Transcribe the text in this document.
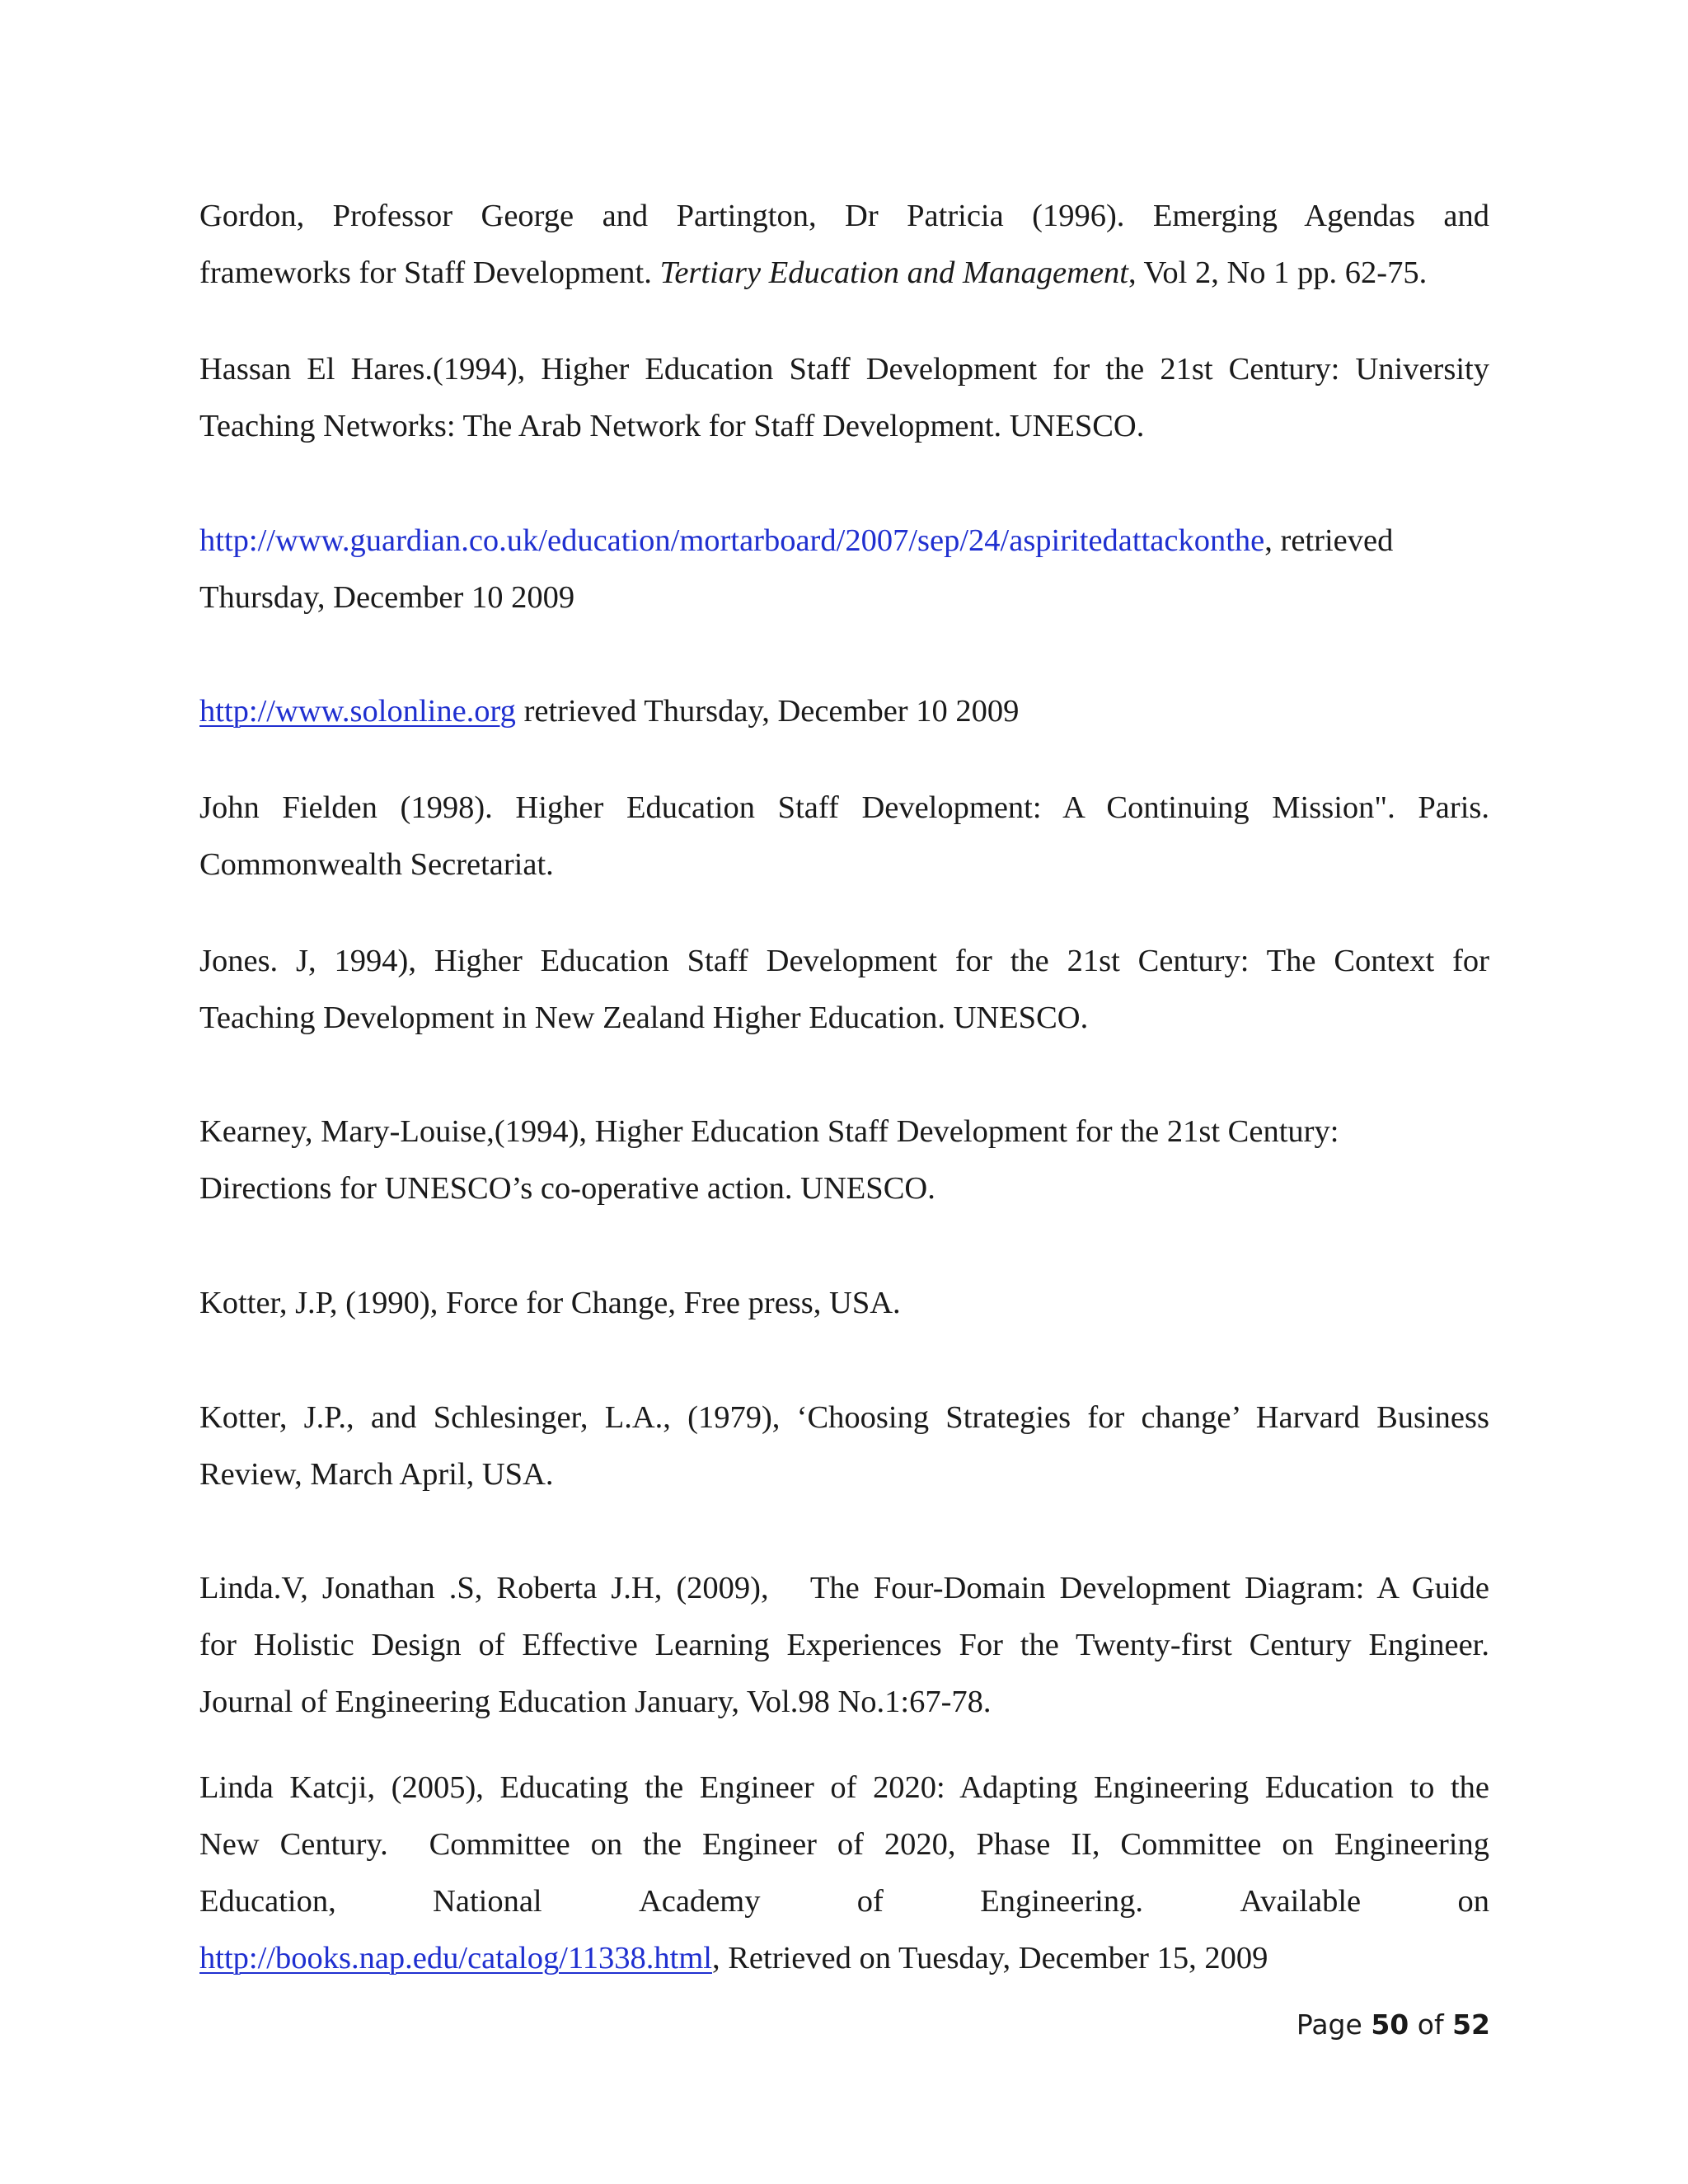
Gordon, Professor George and Partington, Dr Patricia (1996). Emerging Agendas and
frameworks for Staff Development. Tertiary Education and Management, Vol 2, No 1 pp. 62-75.
Hassan El Hares.(1994), Higher Education Staff Development for the 21st Century: University
Teaching Networks: The Arab Network for Staff Development. UNESCO.
http://www.guardian.co.uk/education/mortarboard/2007/sep/24/aspiritedattackonthe, retrieved
Thursday, December 10 2009
http://www.solonline.org retrieved Thursday, December 10 2009
John Fielden (1998). Higher Education Staff Development: A Continuing Mission". Paris.
Commonwealth Secretariat.
Jones. J, 1994), Higher Education Staff Development for the 21st Century: The Context for
Teaching Development in New Zealand Higher Education. UNESCO.
Kearney, Mary-Louise,(1994), Higher Education Staff Development for the 21st Century:
Directions for UNESCO’s co-operative action. UNESCO.
Kotter, J.P, (1990), Force for Change, Free press, USA.
Kotter, J.P., and Schlesinger, L.A., (1979), ‘Choosing Strategies for change’ Harvard Business
Review, March April, USA.
Linda.V, Jonathan .S, Roberta J.H, (2009),   The Four-Domain Development Diagram: A Guide
for Holistic Design of Effective Learning Experiences For the Twenty-first Century Engineer.
Journal of Engineering Education January, Vol.98 No.1:67-78.
Linda Katcji, (2005), Educating the Engineer of 2020: Adapting Engineering Education to the
New Century.  Committee on the Engineer of 2020, Phase II, Committee on Engineering
Education,	National	Academy	of	Engineering.	Available	on
http://books.nap.edu/catalog/11338.html, Retrieved on Tuesday, December 15, 2009
Page 50 of 52
